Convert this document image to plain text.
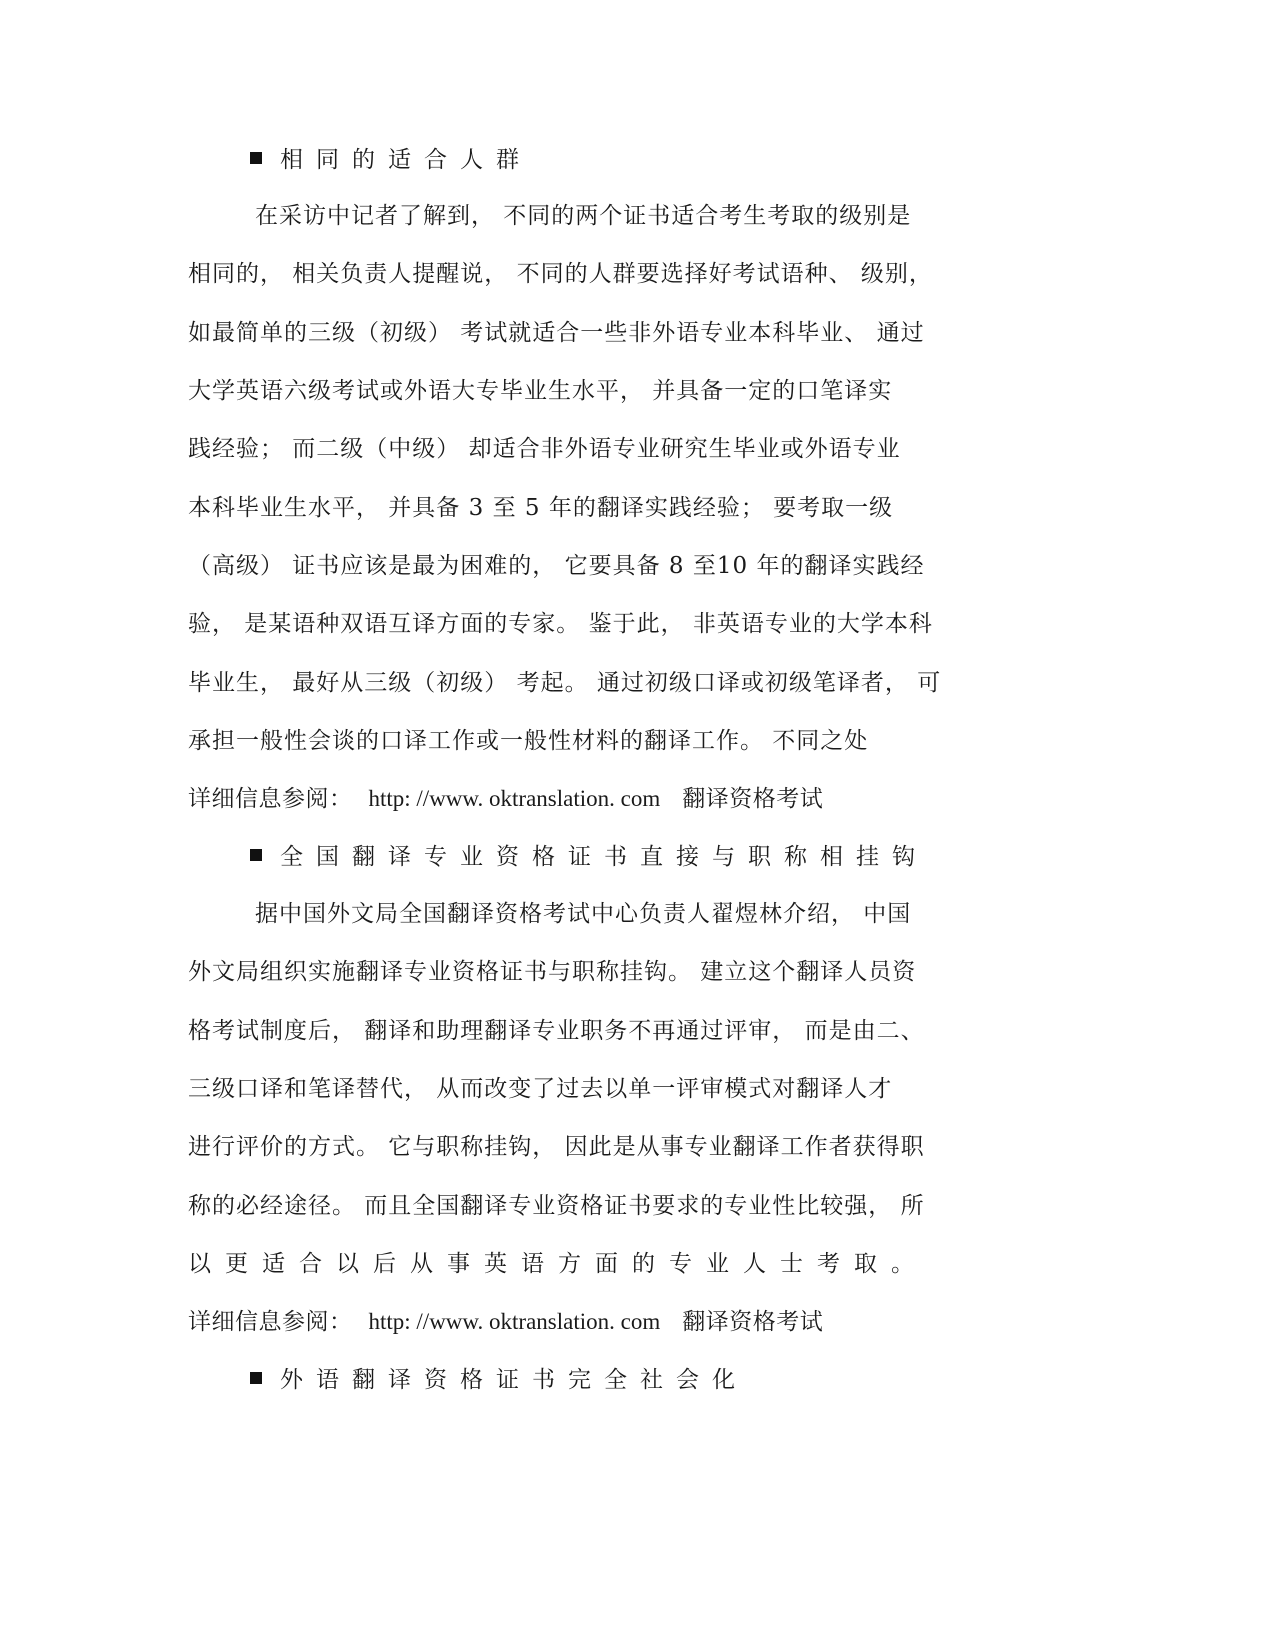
相同的适合人群
在采访中记者了解到， 不同的两个证书适合考生考取的级别是
相同的， 相关负责人提醒说， 不同的人群要选择好考试语种、 级别，
如最简单的三级（初级） 考试就适合一些非外语专业本科毕业、 通过
大学英语六级考试或外语大专毕业生水平， 并具备一定的口笔译实
践经验； 而二级（中级） 却适合非外语专业研究生毕业或外语专业
本科毕业生水平， 并具备 3 至 5 年的翻译实践经验； 要考取一级
（高级） 证书应该是最为困难的， 它要具备 8 至10 年的翻译实践经
验， 是某语种双语互译方面的专家。 鉴于此， 非英语专业的大学本科
毕业生， 最好从三级（初级） 考起。 通过初级口译或初级笔译者， 可
承担一般性会谈的口译工作或一般性材料的翻译工作。 不同之处
详细信息参阅： http: //www. oktranslation. com 翻译资格考试
全国翻译专业资格证书直接与职称相挂钩
据中国外文局全国翻译资格考试中心负责人翟煜林介绍， 中国
外文局组织实施翻译专业资格证书与职称挂钩。 建立这个翻译人员资
格考试制度后， 翻译和助理翻译专业职务不再通过评审， 而是由二、
三级口译和笔译替代， 从而改变了过去以单一评审模式对翻译人才
进行评价的方式。 它与职称挂钩， 因此是从事专业翻译工作者获得职
称的必经途径。 而且全国翻译专业资格证书要求的专业性比较强， 所
以更适合以后从事英语方面的专业人士考取。
详细信息参阅： http: //www. oktranslation. com 翻译资格考试
外语翻译资格证书完全社会化
